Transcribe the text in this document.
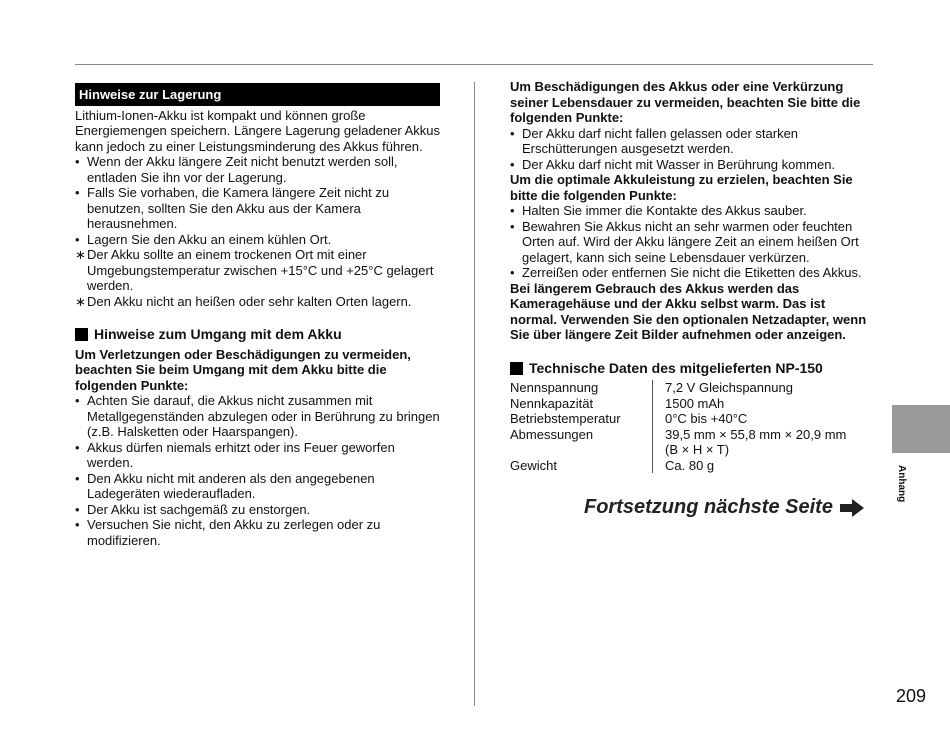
Hinweise zur Lagerung

Lithium-Ionen-Akku ist kompakt und können große Energiemengen speichern. Längere Lagerung geladener Akkus kann jedoch zu einer Leistungsminderung des Akkus führen.

• Wenn der Akku längere Zeit nicht benutzt werden soll, entladen Sie ihn vor der Lagerung.
• Falls Sie vorhaben, die Kamera längere Zeit nicht zu benutzen, sollten Sie den Akku aus der Kamera herausnehmen.
• Lagern Sie den Akku an einem kühlen Ort.
∗ Der Akku sollte an einem trockenen Ort mit einer Umgebungstemperatur zwischen +15°C und +25°C gelagert werden.
∗ Den Akku nicht an heißen oder sehr kalten Orten lagern.
Hinweise zum Umgang mit dem Akku

Um Verletzungen oder Beschädigungen zu vermeiden, beachten Sie beim Umgang mit dem Akku bitte die folgenden Punkte:

• Achten Sie darauf, die Akkus nicht zusammen mit Metallgegenständen abzulegen oder in Berührung zu bringen (z.B. Halsketten oder Haarspangen).
• Akkus dürfen niemals erhitzt oder ins Feuer geworfen werden.
• Den Akku nicht mit anderen als den angegebenen Ladegeräten wiederaufladen.
• Der Akku ist sachgemäß zu enstorgen.
• Versuchen Sie nicht, den Akku zu zerlegen oder zu modifizieren.

Um Beschädigungen des Akkus oder eine Verkürzung seiner Lebensdauer zu vermeiden, beachten Sie bitte die folgenden Punkte:

• Der Akku darf nicht fallen gelassen oder starken Erschütterungen ausgesetzt werden.
• Der Akku darf nicht mit Wasser in Berührung kommen.

Um die optimale Akkuleistung zu erzielen, beachten Sie bitte die folgenden Punkte:

• Halten Sie immer die Kontakte des Akkus sauber.
• Bewahren Sie Akkus nicht an sehr warmen oder feuchten Orten auf. Wird der Akku längere Zeit an einem heißen Ort gelagert, kann sich seine Lebensdauer verkürzen.
• Zerreißen oder entfernen Sie nicht die Etiketten des Akkus.

Bei längerem Gebrauch des Akkus werden das Kameragehäuse und der Akku selbst warm. Das ist normal. Verwenden Sie den optionalen Netzadapter, wenn Sie über längere Zeit Bilder aufnehmen oder anzeigen.

Technische Daten des mitgelieferten NP-150
Nennspannung	7,2 V Gleichspannung
Nennkapazität	1500 mAh
Betriebstemperatur	0°C bis +40°C
Abmessungen	39,5 mm × 55,8 mm × 20,9 mm
	(B × H × T)
Gewicht	Ca. 80 g
Fortsetzung nächste Seite
Anhang
209
